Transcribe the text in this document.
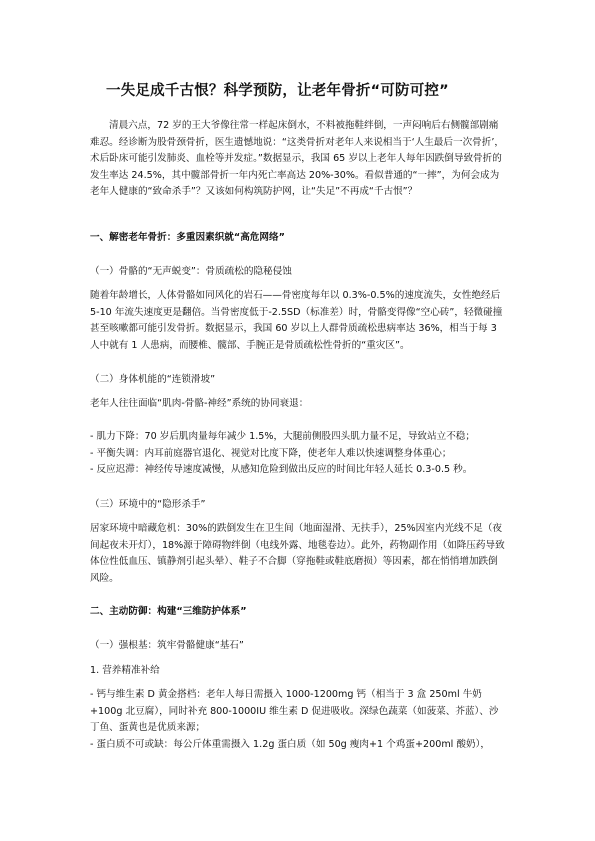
一失足成千古恨？科学预防，让老年骨折“可防可控”
清晨六点，72 岁的王大爷像往常一样起床倒水，不料被拖鞋绊倒，一声闷响后右侧髋部剧痛难忍。经诊断为股骨颈骨折，医生遗憾地说：“这类骨折对老年人来说相当于‘人生最后一次骨折’，术后卧床可能引发肺炎、血栓等并发症。”数据显示，我国 65 岁以上老年人每年因跌倒导致骨折的发生率达 24.5%，其中髋部骨折一年内死亡率高达 20%-30%。看似普通的“一摔”，为何会成为老年人健康的“致命杀手”？又该如何构筑防护网，让“失足”不再成“千古恨”？
一、解密老年骨折：多重因素织就“高危网络”
（一）骨骼的“无声蜕变”：骨质疏松的隐秘侵蚀
随着年龄增长，人体骨骼如同风化的岩石——骨密度每年以 0.3%-0.5%的速度流失，女性绝经后 5-10 年流失速度更是翻倍。当骨密度低于-2.5SD（标准差）时，骨骼变得像“空心砖”，轻微碰撞甚至咳嗽都可能引发骨折。数据显示，我国 60 岁以上人群骨质疏松患病率达 36%，相当于每 3 人中就有 1 人患病，而腰椎、髋部、手腕正是骨质疏松性骨折的“重灾区”。
（二）身体机能的“连锁滑坡”
老年人往往面临“肌肉-骨骼-神经”系统的协同衰退：
- 肌力下降：70 岁后肌肉量每年减少 1.5%，大腿前侧股四头肌力量不足，导致站立不稳；
- 平衡失调：内耳前庭器官退化、视觉对比度下降，使老年人难以快速调整身体重心；
- 反应迟滞：神经传导速度减慢，从感知危险到做出反应的时间比年轻人延长 0.3-0.5 秒。
（三）环境中的“隐形杀手”
居家环境中暗藏危机：30%的跌倒发生在卫生间（地面湿滑、无扶手），25%因室内光线不足（夜间起夜未开灯），18%源于障碍物绊倒（电线外露、地毯卷边）。此外，药物副作用（如降压药导致体位性低血压、镇静剂引起头晕）、鞋子不合脚（穿拖鞋或鞋底磨损）等因素，都在悄悄增加跌倒风险。
二、主动防御：构建“三维防护体系”
（一）强根基：筑牢骨骼健康“基石”
1. 营养精准补给
- 钙与维生素 D 黄金搭档：老年人每日需摄入 1000-1200mg 钙（相当于 3 盒 250ml 牛奶+100g 北豆腐），同时补充 800-1000IU 维生素 D 促进吸收。深绿色蔬菜（如菠菜、芥蓝）、沙丁鱼、蛋黄也是优质来源；
- 蛋白质不可或缺：每公斤体重需摄入 1.2g 蛋白质（如 50g 瘦肉+1 个鸡蛋+200ml 酸奶），
